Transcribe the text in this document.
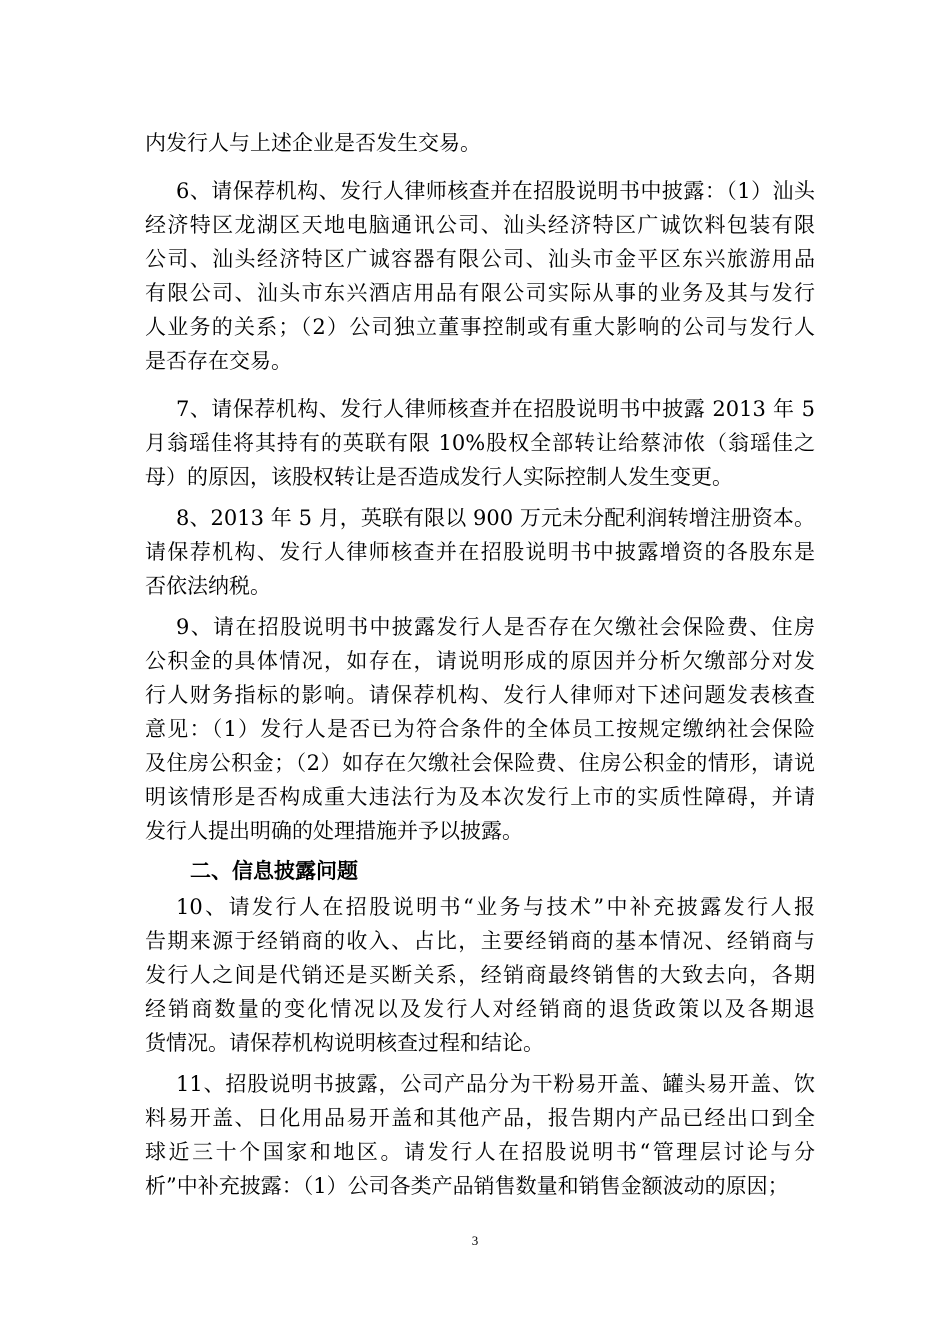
内发行人与上述企业是否发生交易。
6、请保荐机构、发行人律师核查并在招股说明书中披露：（1）汕头
经济特区龙湖区天地电脑通讯公司、汕头经济特区广诚饮料包装有限
公司、汕头经济特区广诚容器有限公司、汕头市金平区东兴旅游用品
有限公司、汕头市东兴酒店用品有限公司实际从事的业务及其与发行
人业务的关系；（2）公司独立董事控制或有重大影响的公司与发行人
是否存在交易。
7、请保荐机构、发行人律师核查并在招股说明书中披露 2013 年 5
月翁瑶佳将其持有的英联有限 10%股权全部转让给蔡沛侬（翁瑶佳之
母）的原因，该股权转让是否造成发行人实际控制人发生变更。
8、2013 年 5 月，英联有限以 900 万元未分配利润转增注册资本。
请保荐机构、发行人律师核查并在招股说明书中披露增资的各股东是
否依法纳税。
9、请在招股说明书中披露发行人是否存在欠缴社会保险费、住房
公积金的具体情况，如存在，请说明形成的原因并分析欠缴部分对发
行人财务指标的影响。请保荐机构、发行人律师对下述问题发表核查
意见：（1）发行人是否已为符合条件的全体员工按规定缴纳社会保险
及住房公积金；（2）如存在欠缴社会保险费、住房公积金的情形，请说
明该情形是否构成重大违法行为及本次发行上市的实质性障碍，并请
发行人提出明确的处理措施并予以披露。
二、信息披露问题
10、请发行人在招股说明书“业务与技术”中补充披露发行人报
告期来源于经销商的收入、占比，主要经销商的基本情况、经销商与
发行人之间是代销还是买断关系，经销商最终销售的大致去向，各期
经销商数量的变化情况以及发行人对经销商的退货政策以及各期退
货情况。请保荐机构说明核查过程和结论。
11、招股说明书披露，公司产品分为干粉易开盖、罐头易开盖、饮
料易开盖、日化用品易开盖和其他产品，报告期内产品已经出口到全
球近三十个国家和地区。请发行人在招股说明书“管理层讨论与分
析”中补充披露：（1）公司各类产品销售数量和销售金额波动的原因；
3
